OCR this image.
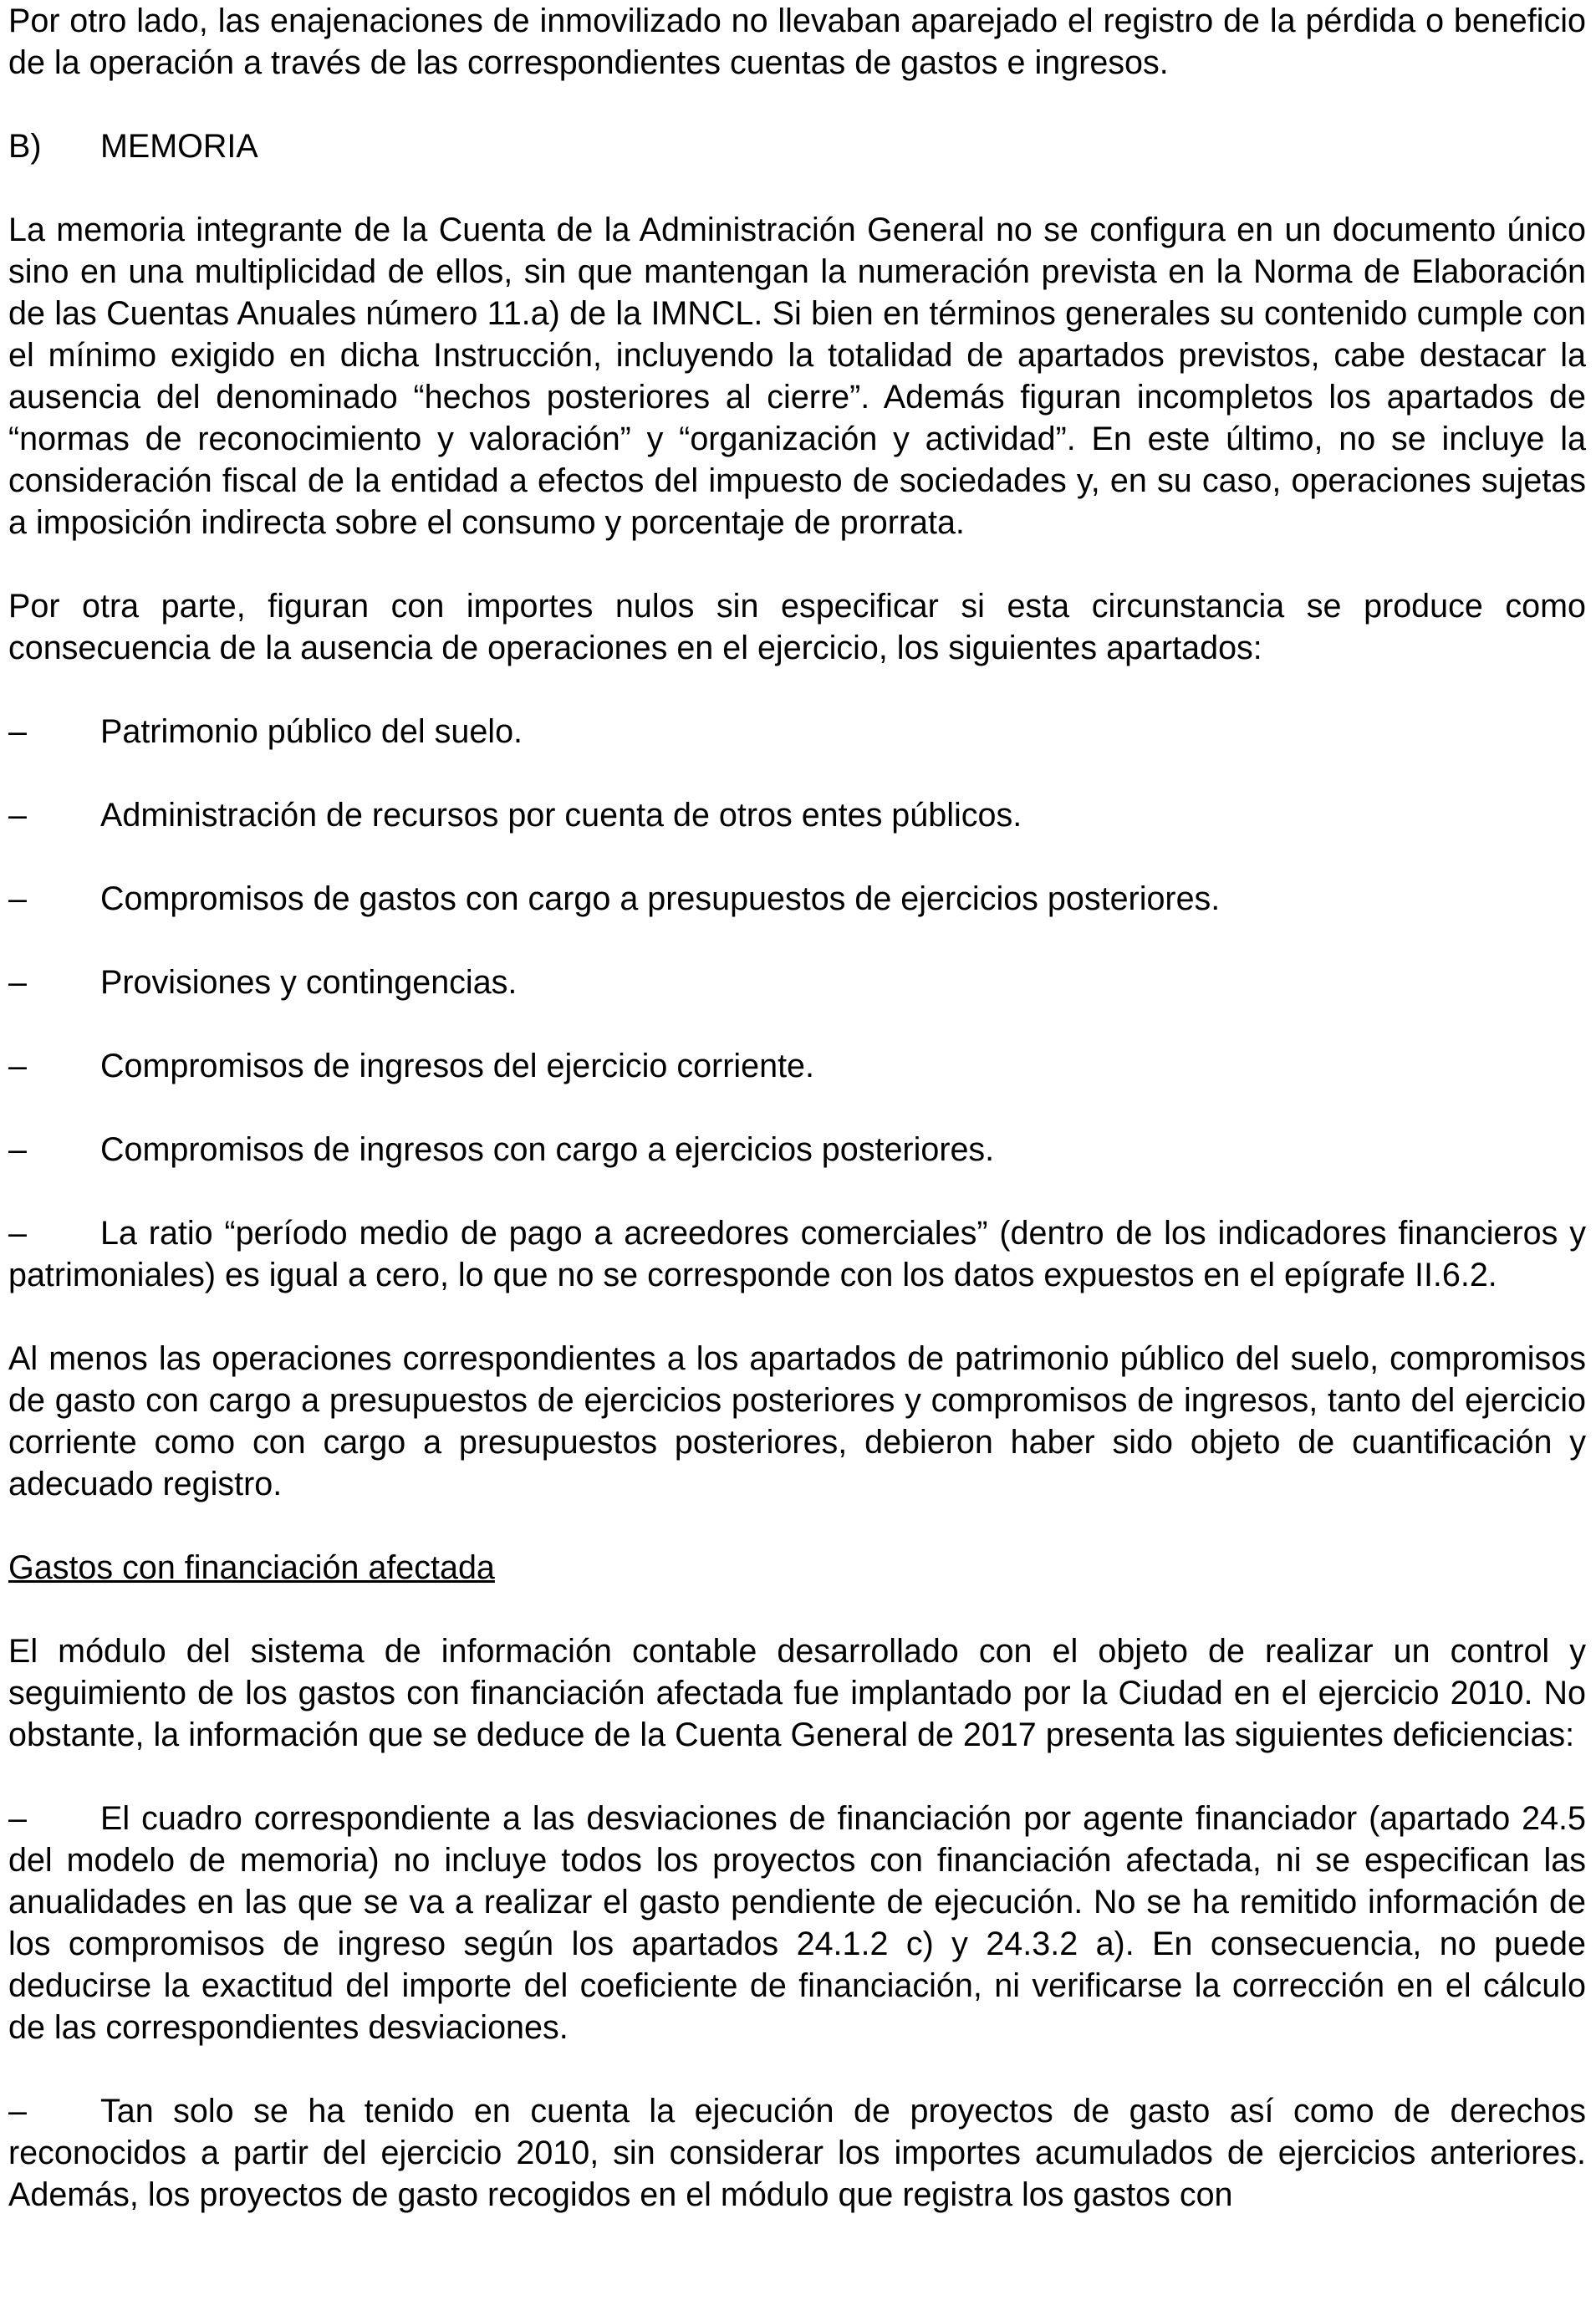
Por otro lado, las enajenaciones de inmovilizado no llevaban aparejado el registro de la pérdida o beneficio de la operación a través de las correspondientes cuentas de gastos e ingresos.

B)	MEMORIA

La memoria integrante de la Cuenta de la Administración General no se configura en un documento único sino en una multiplicidad de ellos, sin que mantengan la numeración prevista en la Norma de Elaboración de las Cuentas Anuales número 11.a) de la IMNCL. Si bien en términos generales su contenido cumple con el mínimo exigido en dicha Instrucción, incluyendo la totalidad de apartados previstos, cabe destacar la ausencia del denominado “hechos posteriores al cierre”. Además figuran incompletos los apartados de “normas de reconocimiento y valoración” y “organización y actividad”. En este último, no se incluye la consideración fiscal de la entidad a efectos del impuesto de sociedades y, en su caso, operaciones sujetas a imposición indirecta sobre el consumo y porcentaje de prorrata.

Por otra parte, figuran con importes nulos sin especificar si esta circunstancia se produce como consecuencia de la ausencia de operaciones en el ejercicio, los siguientes apartados:

– Patrimonio público del suelo.

– Administración de recursos por cuenta de otros entes públicos.

– Compromisos de gastos con cargo a presupuestos de ejercicios posteriores.

– Provisiones y contingencias.

– Compromisos de ingresos del ejercicio corriente.

– Compromisos de ingresos con cargo a ejercicios posteriores.

– La ratio “período medio de pago a acreedores comerciales” (dentro de los indicadores financieros y patrimoniales) es igual a cero, lo que no se corresponde con los datos expuestos en el epígrafe II.6.2.

Al menos las operaciones correspondientes a los apartados de patrimonio público del suelo, compromisos de gasto con cargo a presupuestos de ejercicios posteriores y compromisos de ingresos, tanto del ejercicio corriente como con cargo a presupuestos posteriores, debieron haber sido objeto de cuantificación y adecuado registro.

Gastos con financiación afectada

El módulo del sistema de información contable desarrollado con el objeto de realizar un control y seguimiento de los gastos con financiación afectada fue implantado por la Ciudad en el ejercicio 2010. No obstante, la información que se deduce de la Cuenta General de 2017 presenta las siguientes deficiencias:

– El cuadro correspondiente a las desviaciones de financiación por agente financiador (apartado 24.5 del modelo de memoria) no incluye todos los proyectos con financiación afectada, ni se especifican las anualidades en las que se va a realizar el gasto pendiente de ejecución. No se ha remitido información de los compromisos de ingreso según los apartados 24.1.2 c) y 24.3.2 a). En consecuencia, no puede deducirse la exactitud del importe del coeficiente de financiación, ni verificarse la corrección en el cálculo de las correspondientes desviaciones.

– Tan solo se ha tenido en cuenta la ejecución de proyectos de gasto así como de derechos reconocidos a partir del ejercicio 2010, sin considerar los importes acumulados de ejercicios anteriores. Además, los proyectos de gasto recogidos en el módulo que registra los gastos con
